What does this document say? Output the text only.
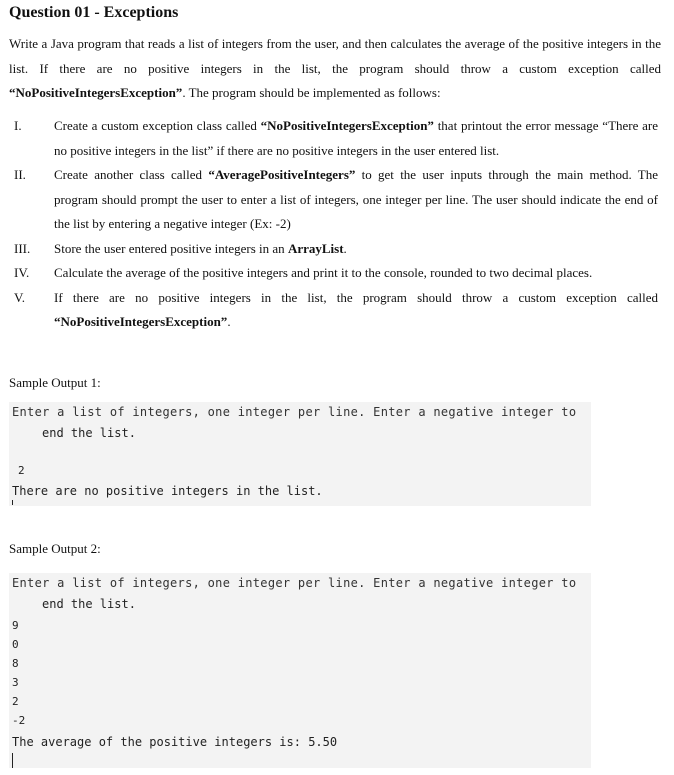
Question 01 - Exceptions

Write a Java program that reads a list of integers from the user, and then calculates the average of the positive integers in the list. If there are no positive integers in the list, the program should throw a custom exception called “NoPositiveIntegersException”. The program should be implemented as follows:

I.	Create a custom exception class called “NoPositiveIntegersException” that printout the error message “There are no positive integers in the list” if there are no positive integers in the user entered list.
II.	Create another class called “AveragePositiveIntegers” to get the user inputs through the main method. The program should prompt the user to enter a list of integers, one integer per line. The user should indicate the end of the list by entering a negative integer (Ex: -2)
III.	Store the user entered positive integers in an ArrayList.
IV.	Calculate the average of the positive integers and print it to the console, rounded to two decimal places.
V.	If there are no positive integers in the list, the program should throw a custom exception called “NoPositiveIntegersException”.

Sample Output 1:

Enter a list of integers, one integer per line. Enter a negative integer to
end the list.
2
There are no positive integers in the list.

Sample Output 2:

Enter a list of integers, one integer per line. Enter a negative integer to
end the list.
9
0
8
3
2
-2
The average of the positive integers is: 5.50
